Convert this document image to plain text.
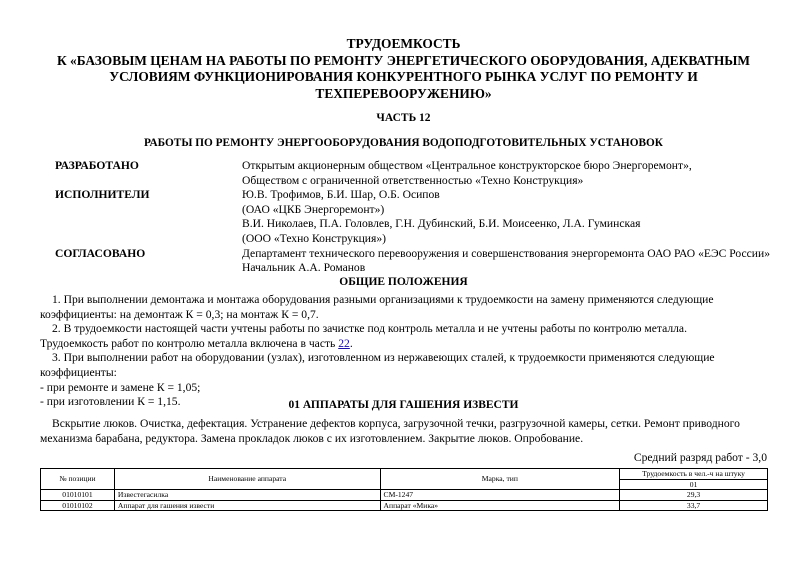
ТРУДОЕМКОСТЬ
К «БАЗОВЫМ ЦЕНАМ НА РАБОТЫ ПО РЕМОНТУ ЭНЕРГЕТИЧЕСКОГО ОБОРУДОВАНИЯ, АДЕКВАТНЫМ УСЛОВИЯМ ФУНКЦИОНИРОВАНИЯ КОНКУРЕНТНОГО РЫНКА УСЛУГ ПО РЕМОНТУ И ТЕХПЕРЕВООРУЖЕНИЮ»
ЧАСТЬ 12
РАБОТЫ ПО РЕМОНТУ ЭНЕРГООБОРУДОВАНИЯ ВОДОПОДГОТОВИТЕЛЬНЫХ УСТАНОВОК
РАЗРАБОТАНО	Открытым акционерным обществом «Центральное конструкторское бюро Энергоремонт»,
Обществом с ограниченной ответственностью «Техно Конструкция»
ИСПОЛНИТЕЛИ	Ю.В. Трофимов, Б.И. Шар, О.Б. Осипов
(ОАО «ЦКБ Энергоремонт»)
В.И. Николаев, П.А. Головлев, Г.Н. Дубинский, Б.И. Моисеенко, Л.А. Гуминская
(ООО «Техно Конструкция»)
СОГЛАСОВАНО	Департамент технического перевооружения и совершенствования энергоремонта ОАО РАО «ЕЭС России»
Начальник А.А. Романов
ОБЩИЕ ПОЛОЖЕНИЯ

1. При выполнении демонтажа и монтажа оборудования разными организациями к трудоемкости на замену применяются следующие коэффициенты: на демонтаж К = 0,3; на монтаж К = 0,7.

2. В трудоемкости настоящей части учтены работы по зачистке под контроль металла и не учтены работы по контролю металла.

Трудоемкость работ по контролю металла включена в часть 22.

3. При выполнении работ на оборудовании (узлах), изготовленном из нержавеющих сталей, к трудоемкости применяются следующие коэффициенты:

- при ремонте и замене К = 1,05;

- при изготовлении К = 1,15.	01 АППАРАТЫ ДЛЯ ГАШЕНИЯ ИЗВЕСТИ
Вскрытие люков. Очистка, дефектация. Устранение дефектов корпуса, загрузочной течки, разгрузочной камеры, сетки. Ремонт приводного механизма барабана, редуктора. Замена прокладок люков с их изготовлением. Закрытие люков. Опробование.
Средний разряд работ - 3,0
№ позиции	Наименование аппарата	Марка, тип	Трудоемкость в чел.-ч на штуку
			01
01010101	Известегасилка	СМ-1247	29,3
01010102	Аппарат для гашения извести	Аппарат «Мика»	33,7
